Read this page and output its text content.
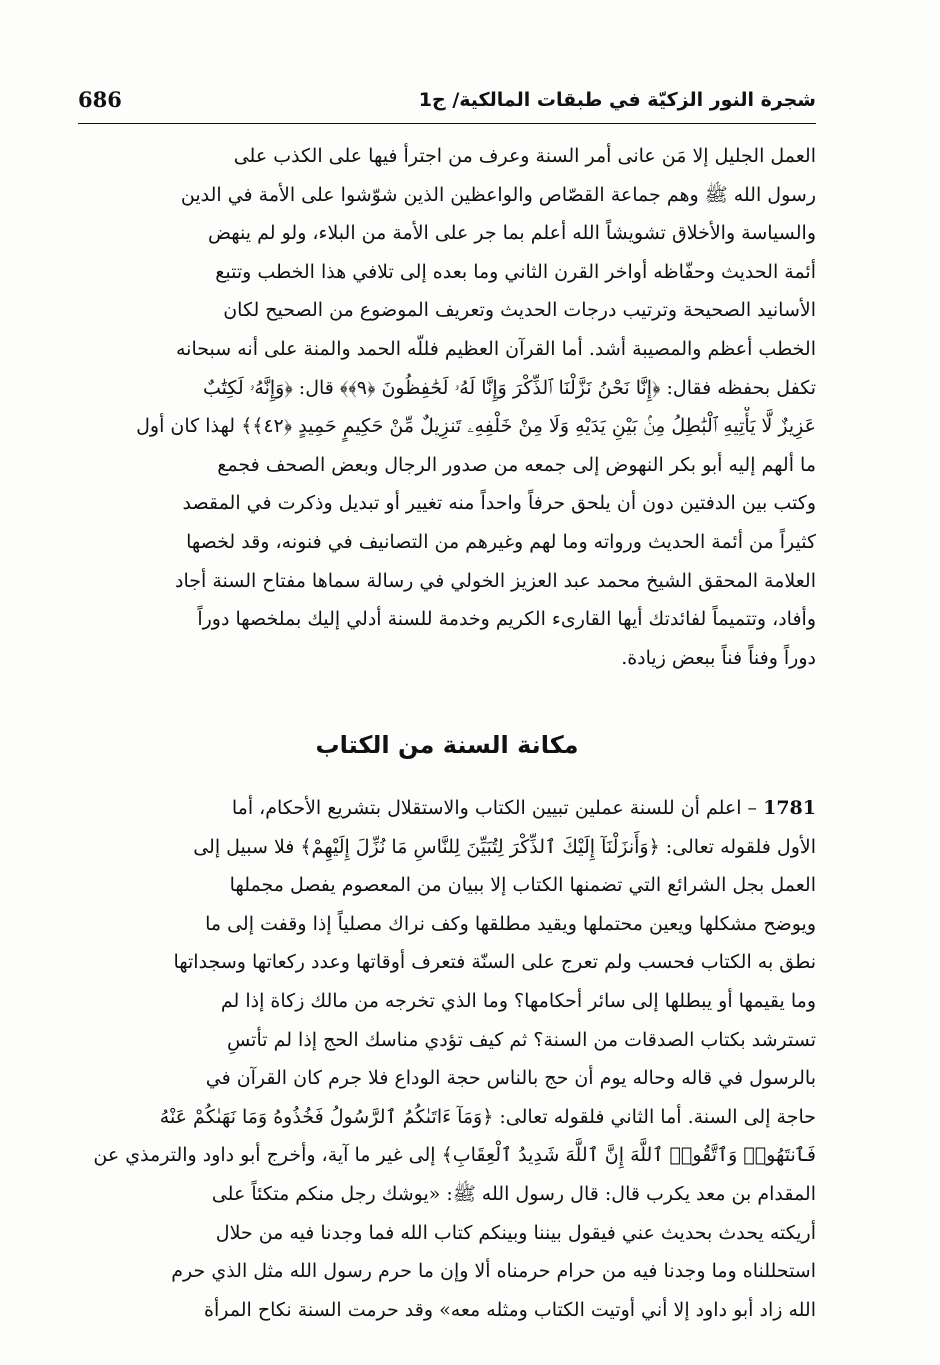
شجرة النور الزكيّة في طبقات المالكية/ ج1
686
العمل الجليل إلا مَن عانى أمر السنة وعرف من اجترأ فيها على الكذب على
رسول الله ﷺ وهم جماعة القصّاص والواعظين الذين شوّشوا على الأمة في الدين
والسياسة والأخلاق تشويشاً الله أعلم بما جر على الأمة من البلاء، ولو لم ينهض
أئمة الحديث وحفّاظه أواخر القرن الثاني وما بعده إلى تلافي هذا الخطب وتتبع
الأسانيد الصحيحة وترتيب درجات الحديث وتعريف الموضوع من الصحيح لكان
الخطب أعظم والمصيبة أشد. أما القرآن العظيم فللّه الحمد والمنة على أنه سبحانه
تكفل بحفظه فقال: ﴿إِنَّا نَحْنُ نَزَّلْنَا ٱلذِّكْرَ وَإِنَّا لَهُۥ لَحَٰفِظُونَ ﴿٩﴾﴾ قال: ﴿وَإِنَّهُۥ لَكِتَٰبٌ
عَزِيزٌ لَّا يَأْتِيهِ ٱلْبَٰطِلُ مِنۢ بَيْنِ يَدَيْهِ وَلَا مِنْ خَلْفِهِۦ تَنزِيلٌ مِّنْ حَكِيمٍ حَمِيدٍ ﴿٤٢﴾﴾ لهذا كان أول
ما ألهم إليه أبو بكر النهوض إلى جمعه من صدور الرجال وبعض الصحف فجمع
وكتب بين الدفتين دون أن يلحق حرفاً واحداً منه تغيير أو تبديل وذكرت في المقصد
كثيراً من أئمة الحديث ورواته وما لهم وغيرهم من التصانيف في فنونه، وقد لخصها
العلامة المحقق الشيخ محمد عبد العزيز الخولي في رسالة سماها مفتاح السنة أجاد
وأفاد، وتتميماً لفائدتك أيها القارىء الكريم وخدمة للسنة أدلي إليك بملخصها دوراً
دوراً وفناً فناً ببعض زيادة.
مكانة السنة من الكتاب
1781 – اعلم أن للسنة عملين تبيين الكتاب والاستقلال بتشريع الأحكام، أما
الأول فلقوله تعالى: ﴿وَأَنزَلْنَآ إِلَيْكَ ٱلذِّكْرَ لِتُبَيِّنَ لِلنَّاسِ مَا نُزِّلَ إِلَيْهِمْ﴾ فلا سبيل إلى
العمل بجل الشرائع التي تضمنها الكتاب إلا ببيان من المعصوم يفصل مجملها
ويوضح مشكلها ويعين محتملها ويقيد مطلقها وكف نراك مصلياً إذا وقفت إلى ما
نطق به الكتاب فحسب ولم تعرج على السنّة فتعرف أوقاتها وعدد ركعاتها وسجداتها
وما يقيمها أو يبطلها إلى سائر أحكامها؟ وما الذي تخرجه من مالك زكاة إذا لم
تسترشد بكتاب الصدقات من السنة؟ ثم كيف تؤدي مناسك الحج إذا لم تأتسِ
بالرسول في قاله وحاله يوم أن حج بالناس حجة الوداع فلا جرم كان القرآن في
حاجة إلى السنة. أما الثاني فلقوله تعالى: ﴿وَمَآ ءَاتَىٰكُمُ ٱلرَّسُولُ فَخُذُوهُ وَمَا نَهَىٰكُمْ عَنْهُ
فَٱنتَهُوا۟ وَٱتَّقُوا۟ ٱللَّهَ إِنَّ ٱللَّهَ شَدِيدُ ٱلْعِقَابِ﴾ إلى غير ما آية، وأخرج أبو داود والترمذي عن
المقدام بن معد يكرب قال: قال رسول الله ﷺ: «يوشك رجل منكم متكئاً على
أريكته يحدث بحديث عني فيقول بيننا وبينكم كتاب الله فما وجدنا فيه من حلال
استحللناه وما وجدنا فيه من حرام حرمناه ألا وإن ما حرم رسول الله مثل الذي حرم
الله زاد أبو داود إلا أني أوتيت الكتاب ومثله معه» وقد حرمت السنة نكاح المرأة
